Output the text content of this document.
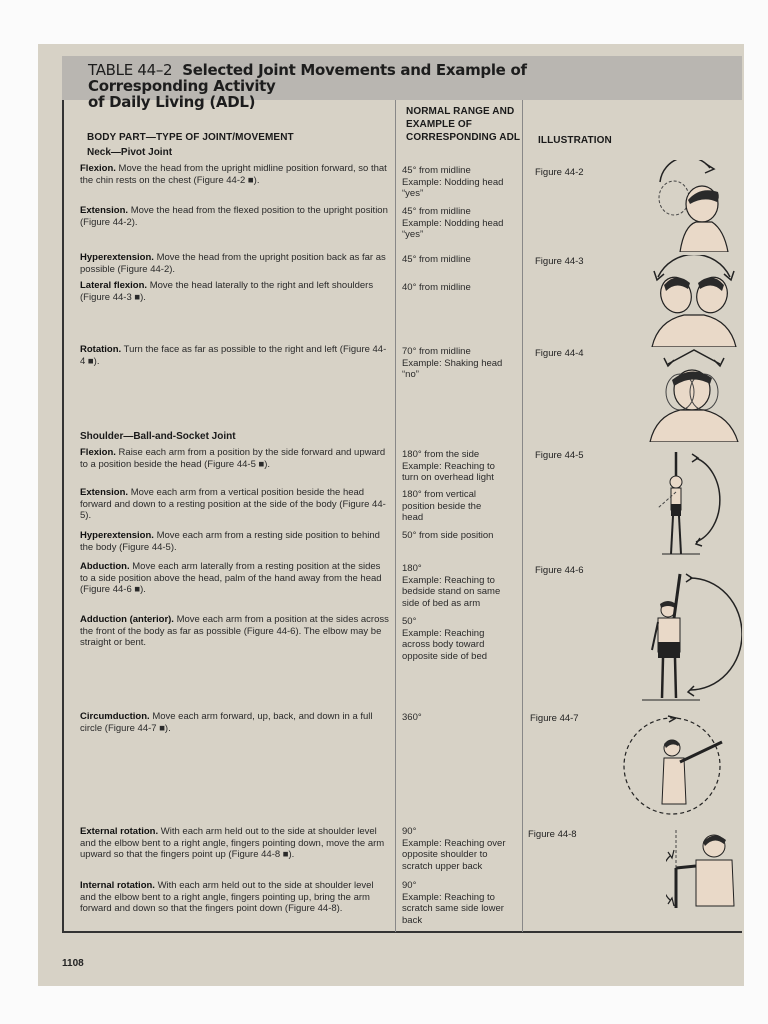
TABLE 44–2 Selected Joint Movements and Example of Corresponding Activity
of Daily Living (ADL)
BODY PART—TYPE OF JOINT/MOVEMENT
NORMAL RANGE AND
EXAMPLE OF
CORRESPONDING ADL ILLUSTRATION
Neck—Pivot Joint
Shoulder—Ball-and-Socket Joint
Flexion. Move the head from the upright midline position forward, so that the chin rests on the chest (Figure 44-2 ■).
45° from midline
Example: Nodding head
“yes”
Figure 44-2
Extension. Move the head from the flexed position to the upright position (Figure 44-2).
45° from midline
Example: Nodding head
“yes”
Hyperextension. Move the head from the upright position back as far as possible (Figure 44-2).
45° from midline	Figure 44-3
Lateral flexion. Move the head laterally to the right and left shoulders (Figure 44-3 ■).
40° from midline
Rotation. Turn the face as far as possible to the right and left (Figure 44-4 ■).
70° from midline
Example: Shaking head
“no”
Figure 44-4
Flexion. Raise each arm from a position by the side forward and upward to a position beside the head (Figure 44-5 ■).
180° from the side
Example: Reaching to
turn on overhead light
Figure 44-5
Extension. Move each arm from a vertical position beside the head forward and down to a resting position at the side of the body (Figure 44-5).
180° from vertical
position beside the
head
Hyperextension. Move each arm from a resting side position to behind the body (Figure 44-5).
50° from side position
Abduction. Move each arm laterally from a resting position at the sides to a side position above the head, palm of the hand away from the head (Figure 44-6 ■).
180°
Example: Reaching to
bedside stand on same
side of bed as arm
Figure 44-6
Adduction (anterior). Move each arm from a position at the sides across the front of the body as far as possible (Figure 44-6). The elbow may be straight or bent.
50°
Example: Reaching
across body toward
opposite side of bed
Circumduction. Move each arm forward, up, back, and down in a full circle (Figure 44-7 ■).
360°	Figure 44-7
External rotation. With each arm held out to the side at shoulder level and the elbow bent to a right angle, fingers pointing down, move the arm upward so that the fingers point up (Figure 44-8 ■).
90°
Example: Reaching over
opposite shoulder to
scratch upper back
Figure 44-8
Internal rotation. With each arm held out to the side at shoulder level and the elbow bent to a right angle, fingers pointing up, bring the arm forward and down so that the fingers point down (Figure 44-8).
90°
Example: Reaching to
scratch same side lower
back
1108
